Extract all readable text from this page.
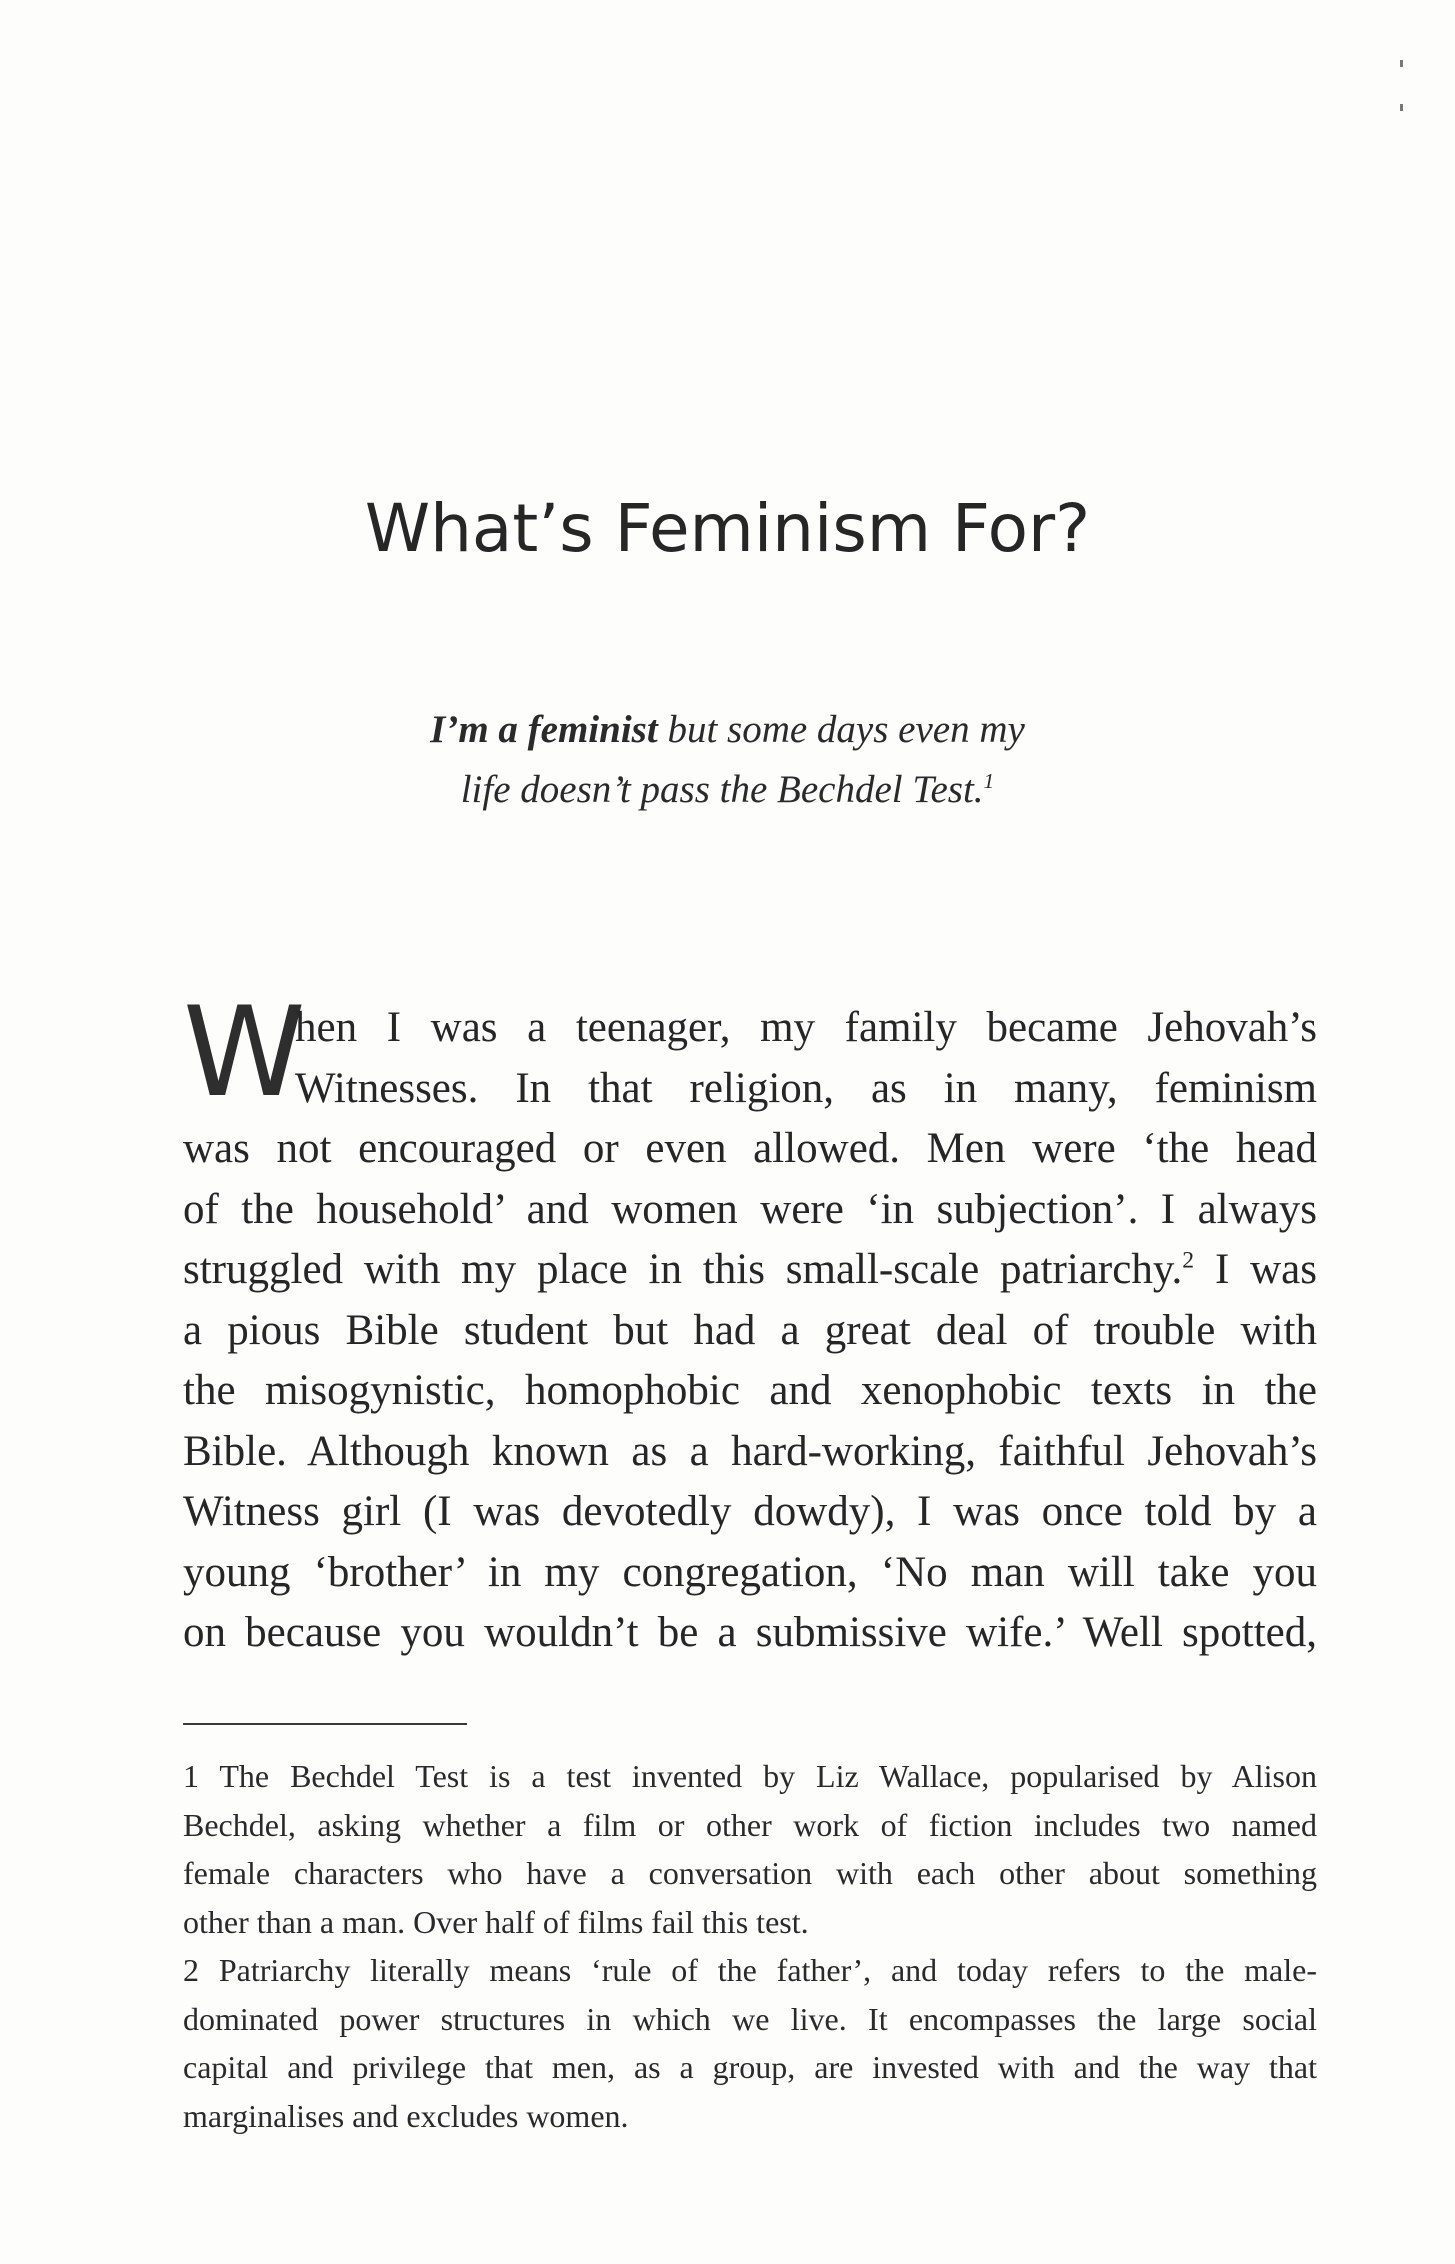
What’s Feminism For?
I’m a feminist but some days even my
life doesn’t pass the Bechdel Test.$^1$
W
hen I was a teenager, my family became Jehovah’s
Witnesses. In that religion, as in many, feminism
was not encouraged or even allowed. Men were ‘the head
of the household’ and women were ‘in subjection’. I always
struggled with my place in this small-scale patriarchy.$^2$ I was
a pious Bible student but had a great deal of trouble with
the misogynistic, homophobic and xenophobic texts in the
Bible. Although known as a hard-working, faithful Jehovah’s
Witness girl (I was devotedly dowdy), I was once told by a
young ‘brother’ in my congregation, ‘No man will take you
on because you wouldn’t be a submissive wife.’ Well spotted,
1 The Bechdel Test is a test invented by Liz Wallace, popularised by Alison
Bechdel, asking whether a film or other work of fiction includes two named
female characters who have a conversation with each other about something
other than a man. Over half of films fail this test.
2 Patriarchy literally means ‘rule of the father’, and today refers to the male-
dominated power structures in which we live. It encompasses the large social
capital and privilege that men, as a group, are invested with and the way that
marginalises and excludes women.
